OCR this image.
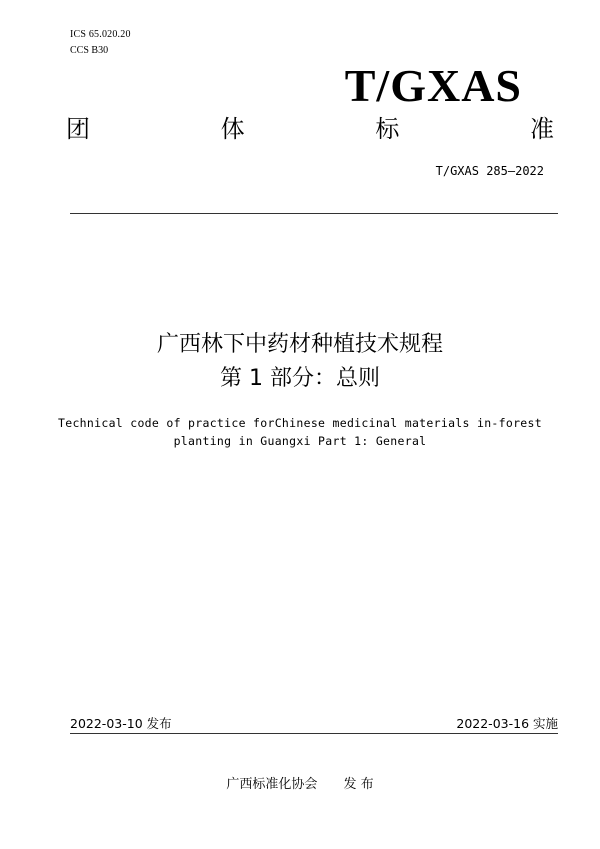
ICS 65.020.20
CCS B30
T/GXAS
团	体	标	准
T/GXAS 285—2022
广西林下中药材种植技术规程
第 1 部分：总则
Technical code of practice forChinese medicinal materials in-forest
planting in Guangxi Part 1: General
2022-03-10 发布	2022-03-16 实施
广西标准化协会 发 布
